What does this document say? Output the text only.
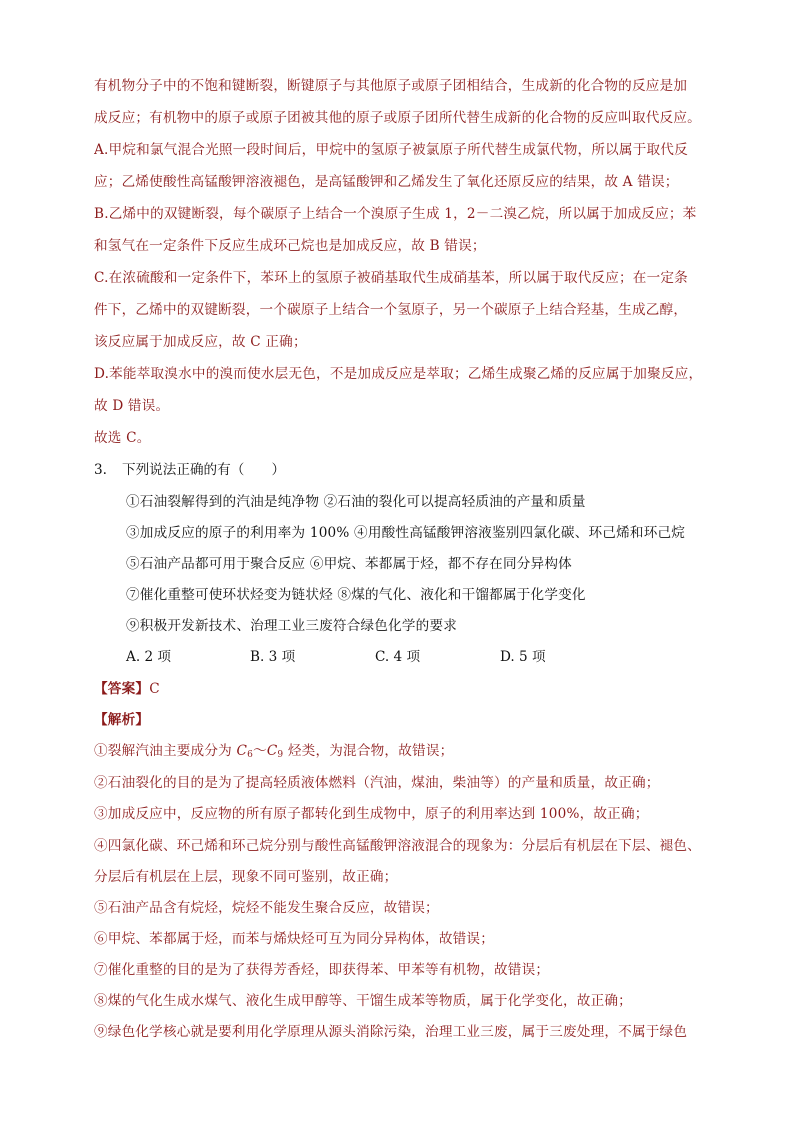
有机物分子中的不饱和键断裂，断键原子与其他原子或原子团相结合，生成新的化合物的反应是加
成反应；有机物中的原子或原子团被其他的原子或原子团所代替生成新的化合物的反应叫取代反应。
A.甲烷和氯气混合光照一段时间后，甲烷中的氢原子被氯原子所代替生成氯代物，所以属于取代反
应；乙烯使酸性高锰酸钾溶液褪色，是高锰酸钾和乙烯发生了氧化还原反应的结果，故 A 错误；
B.乙烯中的双键断裂，每个碳原子上结合一个溴原子生成 1，2－二溴乙烷，所以属于加成反应；苯
和氢气在一定条件下反应生成环己烷也是加成反应，故 B 错误；
C.在浓硫酸和一定条件下，苯环上的氢原子被硝基取代生成硝基苯，所以属于取代反应；在一定条
件下，乙烯中的双键断裂，一个碳原子上结合一个氢原子，另一个碳原子上结合羟基，生成乙醇，
该反应属于加成反应，故 C 正确；
D.苯能萃取溴水中的溴而使水层无色，不是加成反应是萃取；乙烯生成聚乙烯的反应属于加聚反应，
故 D 错误。
故选 C。
3. 下列说法正确的有（　　）
①石油裂解得到的汽油是纯净物 ②石油的裂化可以提高轻质油的产量和质量
③加成反应的原子的利用率为 100% ④用酸性高锰酸钾溶液鉴别四氯化碳、环己烯和环己烷
⑤石油产品都可用于聚合反应 ⑥甲烷、苯都属于烃，都不存在同分异构体
⑦催化重整可使环状烃变为链状烃 ⑧煤的气化、液化和干馏都属于化学变化
⑨积极开发新技术、治理工业三废符合绿色化学的要求
A. 2 项	B. 3 项	C. 4 项	D. 5 项
【答案】C
【解析】
①裂解汽油主要成分为 $C_6\sim C_9$ 烃类，为混合物，故错误；
②石油裂化的目的是为了提高轻质液体燃料（汽油，煤油，柴油等）的产量和质量，故正确；
③加成反应中，反应物的所有原子都转化到生成物中，原子的利用率达到 100%，故正确；
④四氯化碳、环己烯和环己烷分别与酸性高锰酸钾溶液混合的现象为：分层后有机层在下层、褪色、
分层后有机层在上层，现象不同可鉴别，故正确；
⑤石油产品含有烷烃，烷烃不能发生聚合反应，故错误；
⑥甲烷、苯都属于烃，而苯与烯炔烃可互为同分异构体，故错误；
⑦催化重整的目的是为了获得芳香烃，即获得苯、甲苯等有机物，故错误；
⑧煤的气化生成水煤气、液化生成甲醇等、干馏生成苯等物质，属于化学变化，故正确；
⑨绿色化学核心就是要利用化学原理从源头消除污染，治理工业三废，属于三废处理，不属于绿色
